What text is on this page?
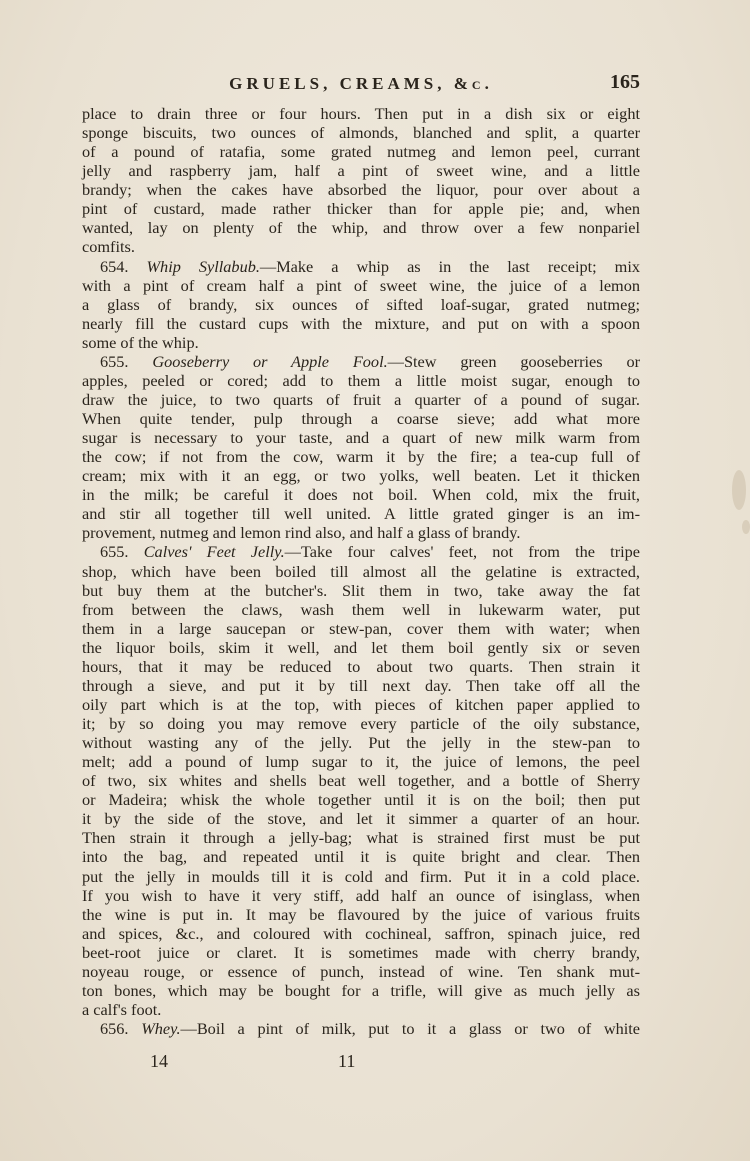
GRUELS, CREAMS, &c.	165
place to drain three or four hours. Then put in a dish six or eight
sponge biscuits, two ounces of almonds, blanched and split, a quarter
of a pound of ratafia, some grated nutmeg and lemon peel, currant
jelly and raspberry jam, half a pint of sweet wine, and a little
brandy; when the cakes have absorbed the liquor, pour over about a
pint of custard, made rather thicker than for apple pie; and, when
wanted, lay on plenty of the whip, and throw over a few nonpariel
comfits.
654. Whip Syllabub.—Make a whip as in the last receipt; mix
with a pint of cream half a pint of sweet wine, the juice of a lemon
a glass of brandy, six ounces of sifted loaf-sugar, grated nutmeg;
nearly fill the custard cups with the mixture, and put on with a spoon
some of the whip.
655. Gooseberry or Apple Fool.—Stew green gooseberries or
apples, peeled or cored; add to them a little moist sugar, enough to
draw the juice, to two quarts of fruit a quarter of a pound of sugar.
When quite tender, pulp through a coarse sieve; add what more
sugar is necessary to your taste, and a quart of new milk warm from
the cow; if not from the cow, warm it by the fire; a tea-cup full of
cream; mix with it an egg, or two yolks, well beaten. Let it thicken
in the milk; be careful it does not boil. When cold, mix the fruit,
and stir all together till well united. A little grated ginger is an im-
provement, nutmeg and lemon rind also, and half a glass of brandy.
655. Calves' Feet Jelly.—Take four calves' feet, not from the tripe
shop, which have been boiled till almost all the gelatine is extracted,
but buy them at the butcher's. Slit them in two, take away the fat
from between the claws, wash them well in lukewarm water, put
them in a large saucepan or stew-pan, cover them with water; when
the liquor boils, skim it well, and let them boil gently six or seven
hours, that it may be reduced to about two quarts. Then strain it
through a sieve, and put it by till next day. Then take off all the
oily part which is at the top, with pieces of kitchen paper applied to
it; by so doing you may remove every particle of the oily substance,
without wasting any of the jelly. Put the jelly in the stew-pan to
melt; add a pound of lump sugar to it, the juice of lemons, the peel
of two, six whites and shells beat well together, and a bottle of Sherry
or Madeira; whisk the whole together until it is on the boil; then put
it by the side of the stove, and let it simmer a quarter of an hour.
Then strain it through a jelly-bag; what is strained first must be put
into the bag, and repeated until it is quite bright and clear. Then
put the jelly in moulds till it is cold and firm. Put it in a cold place.
If you wish to have it very stiff, add half an ounce of isinglass, when
the wine is put in. It may be flavoured by the juice of various fruits
and spices, &c., and coloured with cochineal, saffron, spinach juice, red
beet-root juice or claret. It is sometimes made with cherry brandy,
noyeau rouge, or essence of punch, instead of wine. Ten shank mut-
ton bones, which may be bought for a trifle, will give as much jelly as
a calf's foot.
656. Whey.—Boil a pint of milk, put to it a glass or two of white
14	11
